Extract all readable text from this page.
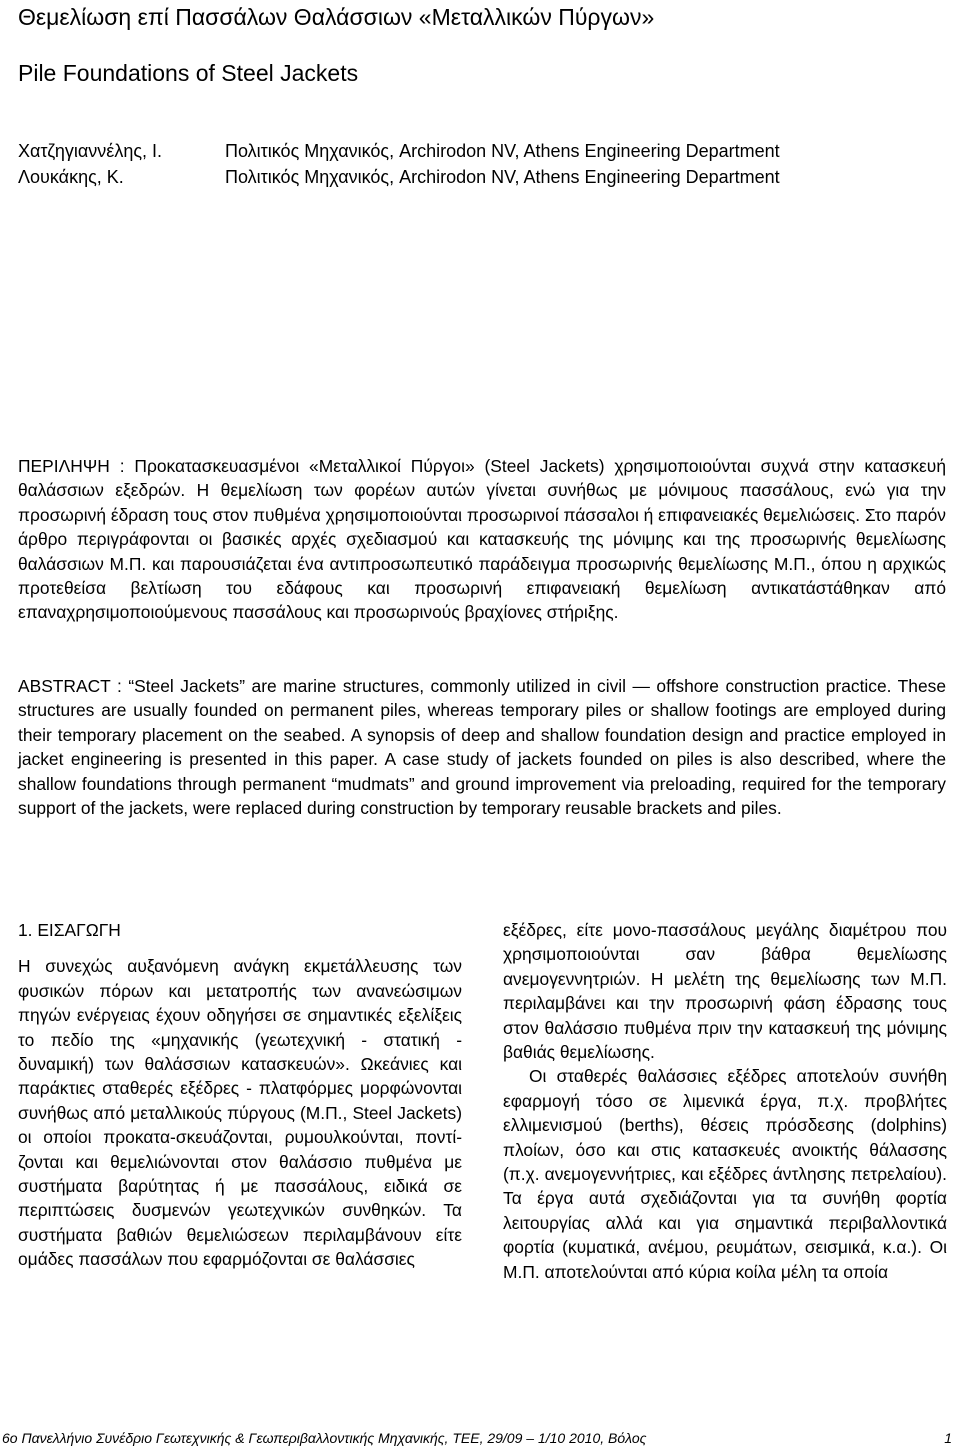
Θεμελίωση επί Πασσάλων Θαλάσσιων «Μεταλλικών Πύργων»
Pile Foundations of Steel Jackets
Χατζηγιαννέλης, Ι.	Πολιτικός Μηχανικός, Archirodon NV, Athens Engineering Department
Λουκάκης, Κ.	Πολιτικός Μηχανικός, Archirodon NV, Athens Engineering Department
ΠΕΡΙΛΗΨΗ : Προκατασκευασμένοι «Μεταλλικοί Πύργοι» (Steel Jackets) χρησιμοποιούνται συχνά στην κατασκευή θαλάσσιων εξεδρών. Η θεμελίωση των φορέων αυτών γίνεται συνήθως με μόνιμους πασσάλους, ενώ για την προσωρινή έδραση τους στον πυθμένα χρησιμοποιούνται προσωρινοί πάσσαλοι ή επιφανειακές θεμελιώσεις. Στο παρόν άρθρο περιγράφονται οι βασικές αρχές σχεδιασμού και κατασκευής της μόνιμης και της προσωρινής θεμελίωσης θαλάσσιων Μ.Π. και παρουσιάζεται ένα αντιπροσωπευτικό παράδειγμα προσωρινής θεμελίωσης Μ.Π., όπου η αρχικώς προτεθείσα βελτίωση του εδάφους και προσωρινή επιφανειακή θεμελίωση αντικατάστάθηκαν από επαναχρησιμοποιούμενους πασσάλους και προσωρινούς βραχίονες στήριξης.
ABSTRACT : “Steel Jackets” are marine structures, commonly utilized in civil — offshore construction practice. These structures are usually founded on permanent piles, whereas temporary piles or shallow footings are employed during their temporary placement on the seabed. A synopsis of deep and shallow foundation design and practice employed in jacket engineering is presented in this paper. A case study of jackets founded on piles is also described, where the shallow foundations through permanent “mudmats” and ground improvement via preloading, required for the temporary support of the jackets, were replaced during construction by temporary reusable brackets and piles.
1. ΕΙΣΑΓΩΓΗ

Η συνεχώς αυξανόμενη ανάγκη εκμετάλλευσης των φυσικών πόρων και μετατροπής των ανανεώσιμων πηγών ενέργειας έχουν οδηγήσει σε σημαντικές εξελίξεις το πεδίο της «μηχανικής (γεωτεχνική - στατική - δυναμική) των θαλάσσιων κατασκευών». Ωκεάνιες και παράκτιες σταθερές εξέδρες - πλατφόρμες μορφώνονται συνήθως από μεταλλικούς πύργους (Μ.Π., Steel Jackets) οι οποίοι προκατα-σκευάζονται, ρυμουλκούνται, ποντί-ζονται και θεμελιώνονται στον θαλάσσιο πυθμένα με συστήματα βαρύτητας ή με πασσάλους, ειδικά σε περιπτώσεις δυσμενών γεωτεχνικών συνθηκών. Τα συστήματα βαθιών θεμελιώσεων περιλαμβάνουν είτε ομάδες πασσάλων που εφαρμόζονται σε θαλάσσιες

εξέδρες, είτε μονο-πασσάλους μεγάλης διαμέτρου που χρησιμοποιούνται σαν βάθρα θεμελίωσης ανεμογεννητριών. Η μελέτη της θεμελίωσης των Μ.Π. περιλαμβάνει και την προσωρινή φάση έδρασης τους στον θαλάσσιο πυθμένα πριν την κατασκευή της μόνιμης βαθιάς θεμελίωσης.

Οι σταθερές θαλάσσιες εξέδρες αποτελούν συνήθη εφαρμογή τόσο σε λιμενικά έργα, π.χ. προβλήτες ελλιμενισμού (berths), θέσεις πρόσδεσης (dolphins) πλοίων, όσο και στις κατασκευές ανοικτής θάλασσης (π.χ. ανεμογεννήτριες, και εξέδρες άντλησης πετρελαίου). Τα έργα αυτά σχεδιάζονται για τα συνήθη φορτία λειτουργίας αλλά και για σημαντικά περιβαλλοντικά φορτία (κυματικά, ανέμου, ρευμάτων, σεισμικά, κ.α.). Οι Μ.Π. αποτελούνται από κύρια κοίλα μέλη τα οποία

6ο Πανελλήνιο Συνέδριο Γεωτεχνικής & Γεωπεριβαλλοντικής Μηχανικής, ΤΕΕ, 29/09 – 1/10 2010, Βόλος	1
